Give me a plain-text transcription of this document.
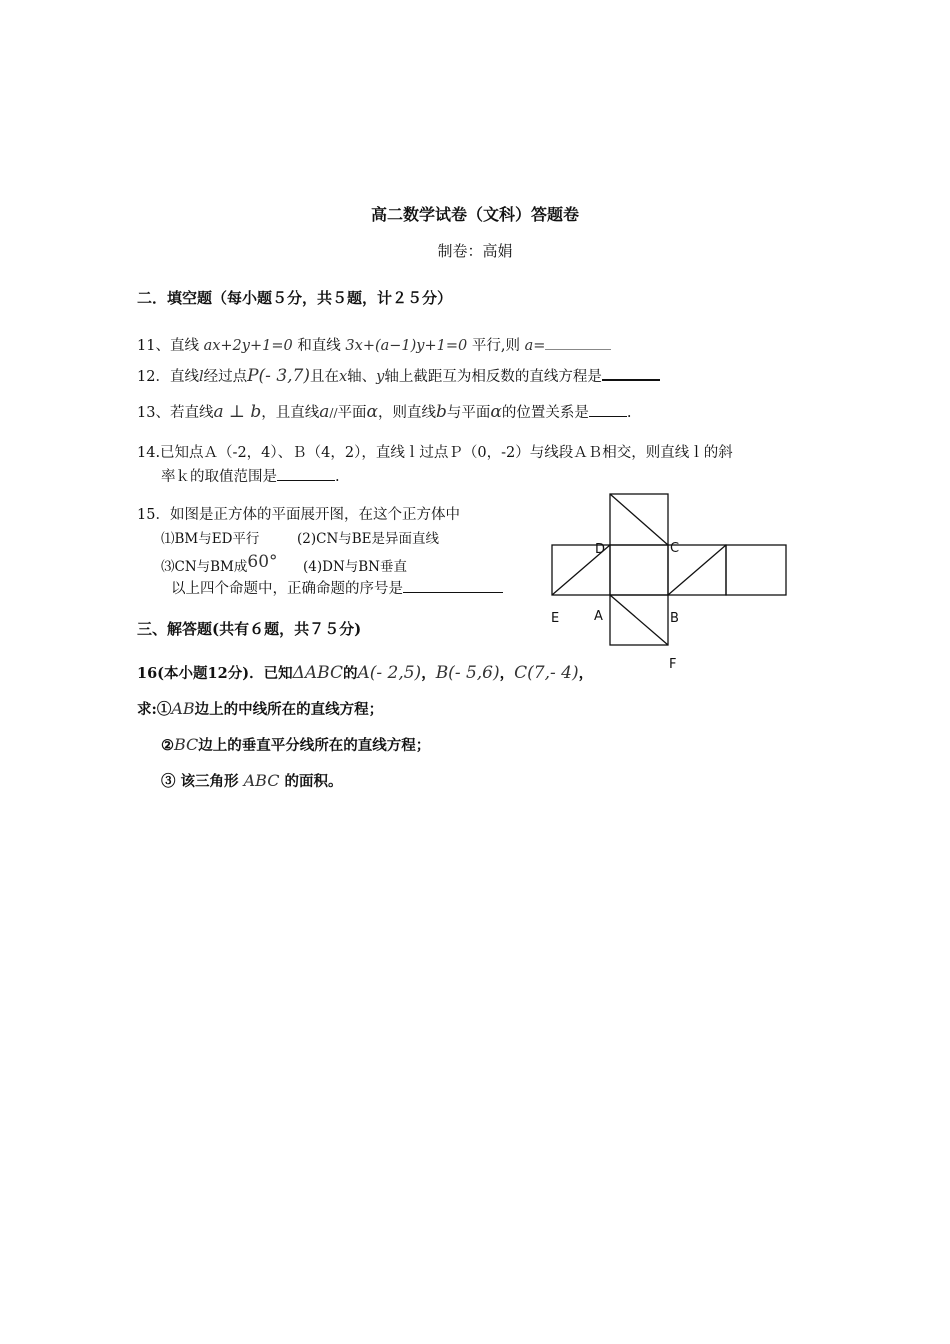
高二数学试卷（文科）答题卷
制卷：高娟
二．填空题（每小题５分，共５题，计２５分）
11、直线 ax+2y+1=0 和直线 3x+(a−1)y+1=0 平行,则 a=
12．直线l经过点P(- 3,7)且在x轴、y轴上截距互为相反数的直线方程是
13、若直线a ⊥ b，且直线a//平面α，则直线b与平面α的位置关系是	.
14.已知点Ａ（-2，4）、Ｂ（4，2），直线ｌ过点Ｐ（0，-2）与线段ＡＢ相交，则直线ｌ的斜
率ｋ的取值范围是	.
15．如图是正方体的平面展开图，在这个正方体中
⑴BM与ED平行	(2)CN与BE是异面直线
⑶CN与BM成60° (4)DN与BN垂直
以上四个命题中，正确命题的序号是
D	C
E	A	B
F
三、解答题(共有６题，共７５分)
16(本小题12分)．已知ΔABC的A(- 2,5)，B(- 5,6)，C(7,- 4)，
求:①AB边上的中线所在的直线方程；
②BC边上的垂直平分线所在的直线方程；
③ 该三角形 ABC 的面积。
